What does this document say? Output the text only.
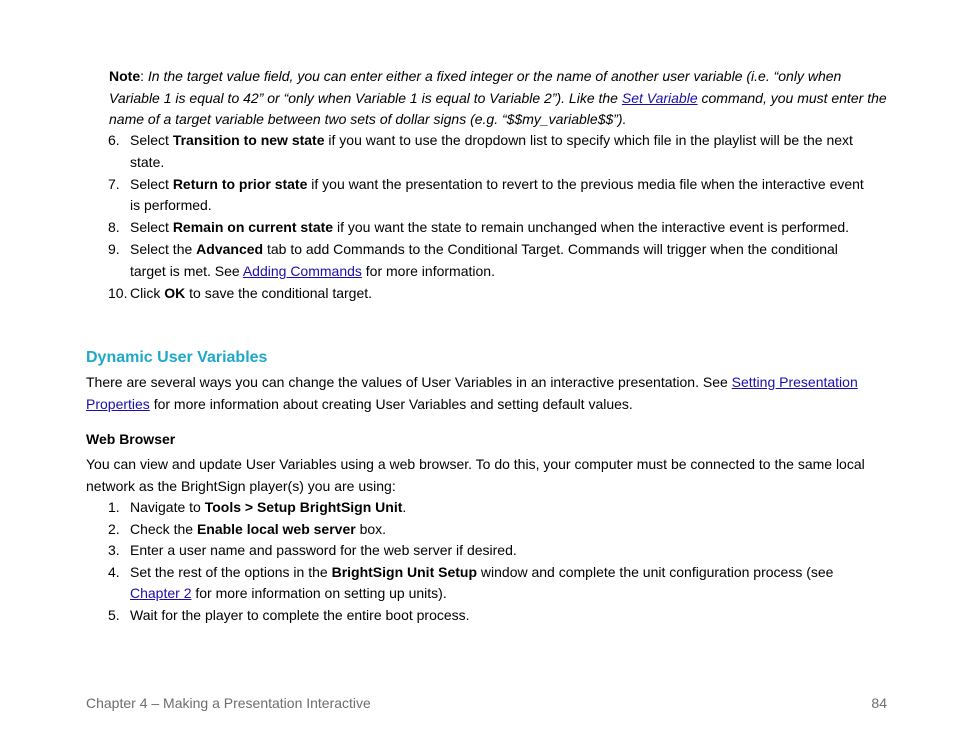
Note: In the target value field, you can enter either a fixed integer or the name of another user variable (i.e. “only when Variable 1 is equal to 42” or “only when Variable 1 is equal to Variable 2”). Like the Set Variable command, you must enter the name of a target variable between two sets of dollar signs (e.g. “$$my_variable$$”).

6. Select Transition to new state if you want to use the dropdown list to specify which file in the playlist will be the next state.
7. Select Return to prior state if you want the presentation to revert to the previous media file when the interactive event is performed.
8. Select Remain on current state if you want the state to remain unchanged when the interactive event is performed.
9. Select the Advanced tab to add Commands to the Conditional Target. Commands will trigger when the conditional target is met. See Adding Commands for more information.
10. Click OK to save the conditional target.
Dynamic User Variables

There are several ways you can change the values of User Variables in an interactive presentation. See Setting Presentation Properties for more information about creating User Variables and setting default values.

Web Browser

You can view and update User Variables using a web browser. To do this, your computer must be connected to the same local network as the BrightSign player(s) you are using:

1. Navigate to Tools > Setup BrightSign Unit.
2. Check the Enable local web server box.
3. Enter a user name and password for the web server if desired.
4. Set the rest of the options in the BrightSign Unit Setup window and complete the unit configuration process (see Chapter 2 for more information on setting up units).
5. Wait for the player to complete the entire boot process.
Chapter 4 – Making a Presentation Interactive	84
